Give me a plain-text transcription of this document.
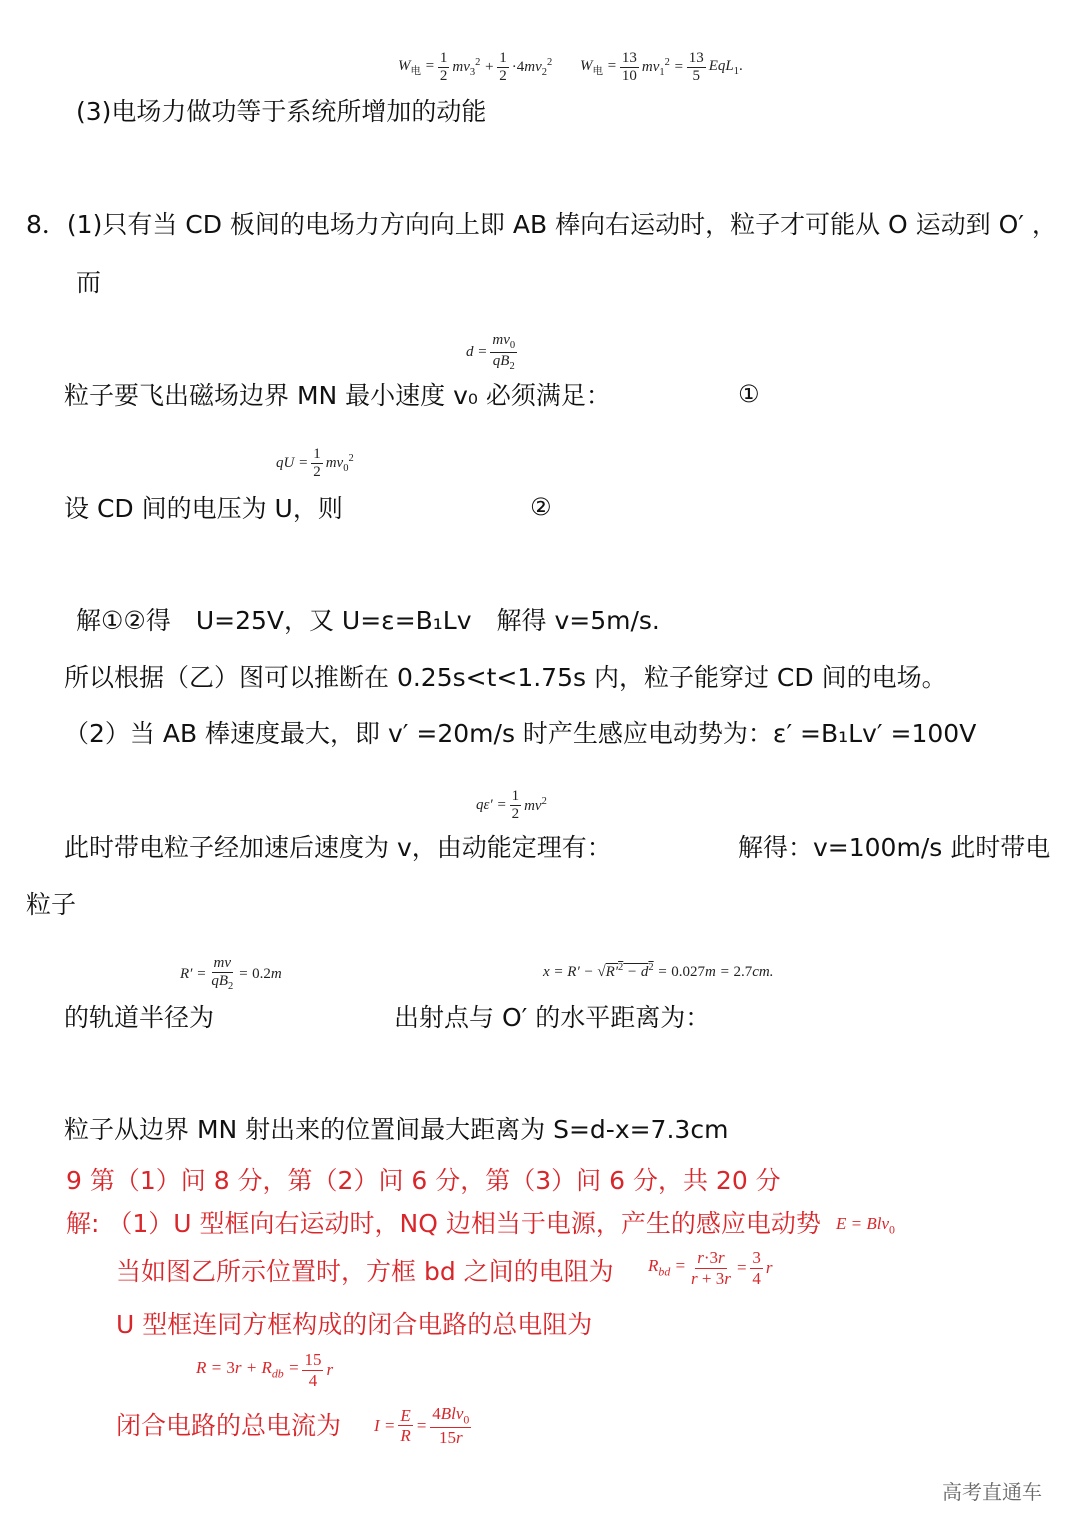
$W_电 = \frac{1}{2} mv_3^2 + \frac{1}{2} \cdot 4mv_2^2$ $W_电 = \frac{13}{10} mv_1^2 = \frac{13}{5} EqL_1$.
(3)电场力做功等于系统所增加的动能
8．(1)只有当 CD 板间的电场力方向向上即 AB 棒向右运动时，粒子才可能从 O 运动到 O′ ，
而
$d = \frac{mv_0}{qB_2}$
粒子要飞出磁场边界 MN 最小速度 v₀ 必须满足：	①
qU = $\frac{1}{2} mv_0^2$
设 CD 间的电压为 U，则	②
解①②得　U=25V，又 U=ε=B₁Lv　解得 v=5m/s.
所以根据（乙）图可以推断在 0.25s<t<1.75s 内，粒子能穿过 CD 间的电场。
（2）当 AB 棒速度最大，即 v′ =20m/s 时产生感应电动势为：ε′ =B₁Lv′ =100V
$q\varepsilon' = \frac{1}{2} mv^2$
此时带电粒子经加速后速度为 v，由动能定理有：	解得：v=100m/s 此时带电
粒子
$R' = \frac{mv}{qB_2} = 0.2m$	$x = R' - √R'^2 - d^2 = 0.027m = 2.7cm$.
的轨道半径为	出射点与 O′ 的水平距离为：
粒子从边界 MN 射出来的位置间最大距离为 S=d-x=7.3cm
9 第（1）问 8 分，第（2）问 6 分，第（3）问 6 分，共 20 分
解: （1）U 型框向右运动时，NQ 边相当于电源，产生的感应电动势 E = Blv$_0$
当如图乙所示位置时，方框 bd 之间的电阻为 $R_{bd} = \frac{r\cdot 3r}{r + 3r} = \frac{3}{4}$ r
U 型框连同方框构成的闭合电路的总电阻为
$R = 3r + R_{db} = \frac{15}{4}$ r
闭合电路的总电流为 $I = \frac{E}{R} = \frac{4Blv_0}{15r}$
高考直通车
